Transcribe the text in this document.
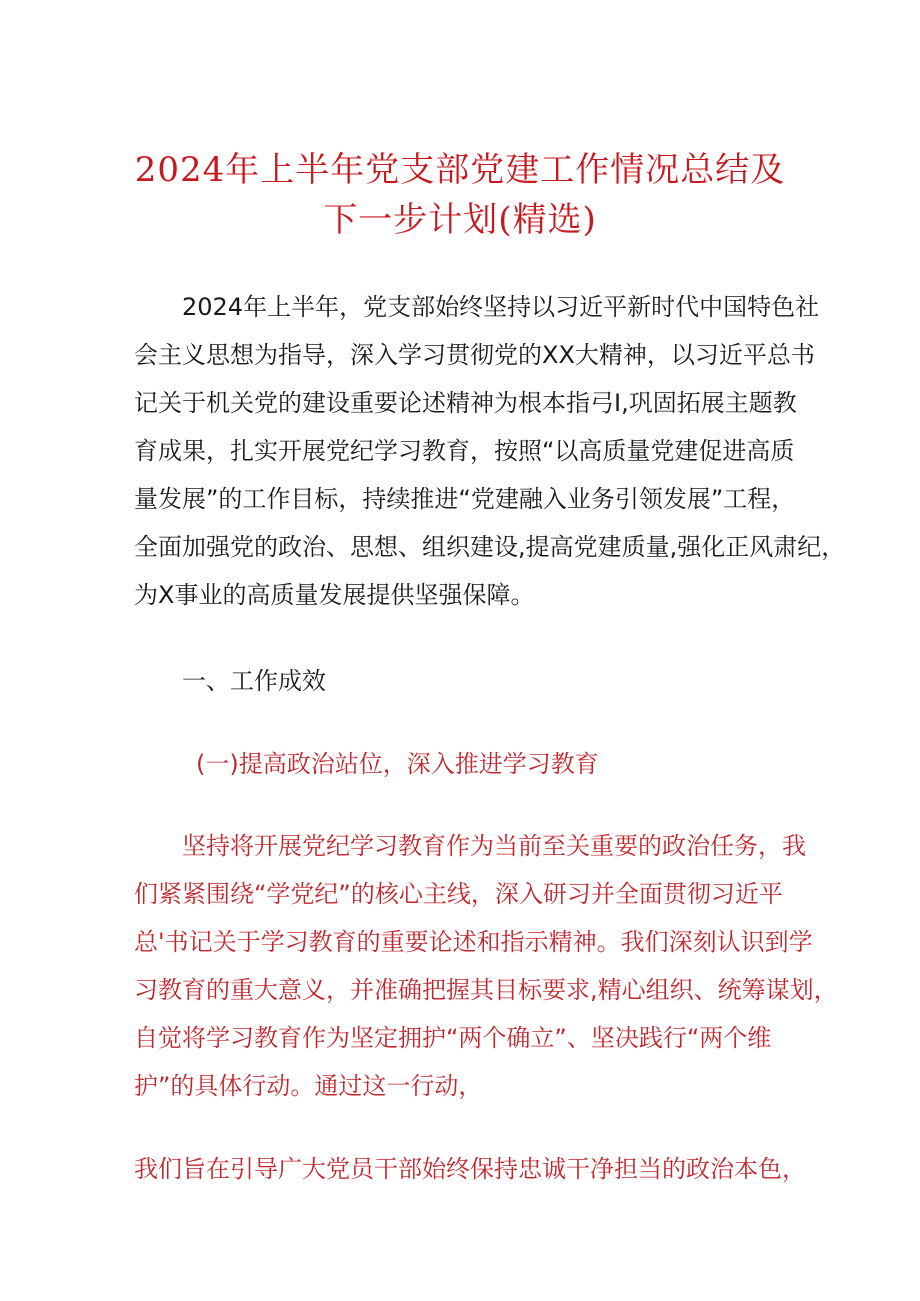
2024年上半年党支部党建工作情况总结及
下一步计划(精选)

2024年上半年，党支部始终坚持以习近平新时代中国特色社

会主义思想为指导，深入学习贯彻党的XX大精神，以习近平总书

记关于机关党的建设重要论述精神为根本指弓I,巩固拓展主题教

育成果，扎实开展党纪学习教育，按照“以高质量党建促进高质

量发展”的工作目标，持续推进“党建融入业务引领发展”工程，

全面加强党的政治、思想、组织建设,提高党建质量,强化正风肃纪，

为X事业的高质量发展提供坚强保障。

一、工作成效

(一)提高政治站位，深入推进学习教育

坚持将开展党纪学习教育作为当前至关重要的政治任务，我

们紧紧围绕“学党纪”的核心主线，深入研习并全面贯彻习近平

总'书记关于学习教育的重要论述和指示精神。我们深刻认识到学

习教育的重大意义，并准确把握其目标要求,精心组织、统筹谋划，

自觉将学习教育作为坚定拥护“两个确立”、坚决践行“两个维

护”的具体行动。通过这一行动，

我们旨在引导广大党员干部始终保持忠诚干净担当的政治本色，
